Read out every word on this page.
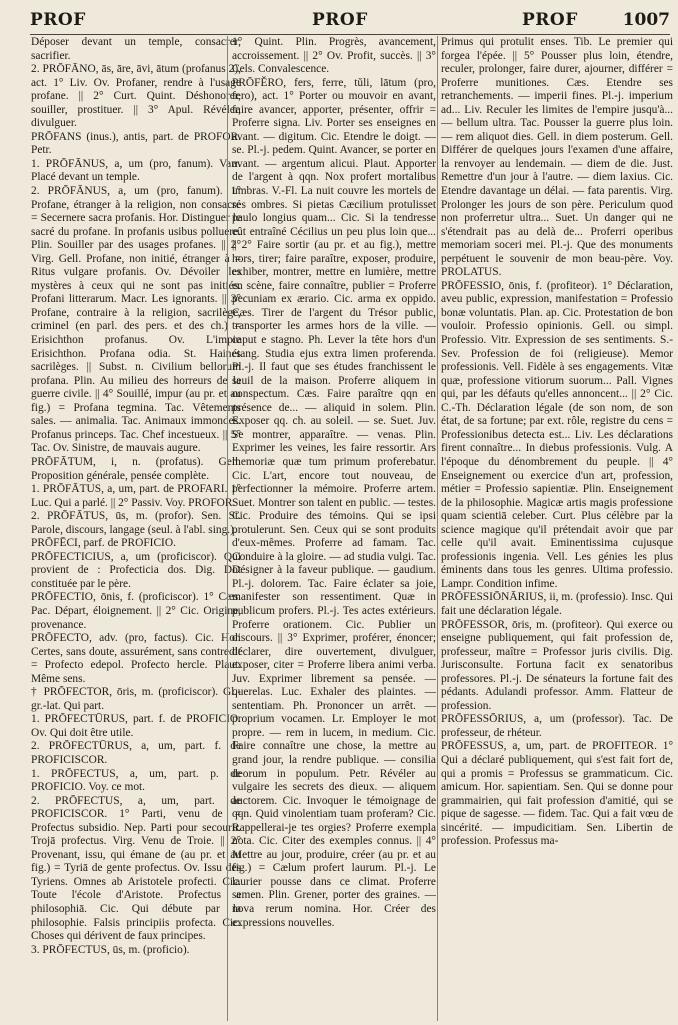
PROF	PROF	PROF	1007

Déposer devant un temple, consacrer, sacrifier.

2. PRŌFĀNO, ās, āre, āvi, ātum (profanus 2), act. 1° Liv. Ov. Profaner, rendre à l'usage profane. || 2° Curt. Quint. Déshonorer, souiller, prostituer. || 3° Apul. Révéler, divulguer.

PRŌFANS (inus.), antis, part. de PROFOR. Petr.

1. PRŌFĀNUS, a, um (pro, fanum). Varr. Placé devant un temple.

2. PRŌFĀNUS, a, um (pro, fanum). 1° Profane, étranger à la religion, non consacré = Secernere sacra profanis. Hor. Distinguer le sacré du profane. In profanis usibus polluere. Plin. Souiller par des usages profanes. || 2° Virg. Gell. Profane, non initié, étranger à = Ritus vulgare profanis. Ov. Dévoiler les mystères à ceux qui ne sont pas initiés. Profani litterarum. Macr. Les ignorants. || 3° Profane, contraire à la religion, sacrilège, criminel (en parl. des pers. et des ch.) = Erisichthon profanus. Ov. L'impie Erisichthon. Profana odia. St. Haines sacrilèges. || Subst. n. Civilium bellorum profana. Plin. Au milieu des horreurs de la guerre civile. || 4° Souillé, impur (au pr. et au fig.) = Profana tegmina. Tac. Vêtements sales. — animalia. Tac. Animaux immondes. Profanus princeps. Tac. Chef incestueux. || 5° Tac. Ov. Sinistre, de mauvais augure.

PRŌFĀTUM, i, n. (profatus). Gell. Proposition générale, pensée complète.

1. PRŌFĀTUS, a, um, part. de PROFARI. 1° Luc. Qui a parlé. || 2° Passiv. Voy. PROFOR.

2. PRŌFĀTUS, ūs, m. (profor). Sen. St. Parole, discours, langage (seul. à l'abl. sing.).

PRŌFĒCI, parf. de PROFICIO.

PRŌFECTICIUS, a, um (proficiscor). Qui provient de : Profecticia dos. Dig. Dot constituée par le père.

PRŌFECTIO, ōnis, f. (proficiscor). 1° Cæs. Pac. Départ, éloignement. || 2° Cic. Origine, provenance.

PRŌFECTO, adv. (pro, factus). Cic. Hor. Certes, sans doute, assurément, sans contredit = Profecto edepol. Profecto hercle. Plaut. Même sens.

† PRŌFECTOR, ōris, m. (proficiscor). Gl.-gr.-lat. Qui part.

1. PRŌFECTŪRUS, part. f. de PROFICIO. Ov. Qui doit être utile.

2. PRŌFECTŪRUS, a, um, part. f. de PROFICISCOR.

1. PRŌFECTUS, a, um, part. p. de PROFICIO. Voy. ce mot.

2. PRŌFECTUS, a, um, part. de PROFICISCOR. 1° Parti, venu de = Profectus subsidio. Nep. Parti pour secourir. Trojā profectus. Virg. Venu de Troie. || 2° Provenant, issu, qui émane de (au pr. et au fig.) = Tyriā de gente profectus. Ov. Issu des Tyriens. Omnes ab Aristotele profecti. Cic. Toute l'école d'Aristote. Profectus a philosophiā. Cic. Qui débute par la philosophie. Falsis principiis profecta. Cic. Choses qui dérivent de faux principes.

3. PRŌFECTUS, ūs, m. (proficio).

1° Quint. Plin. Progrès, avancement, accroissement. || 2° Ov. Profit, succès. || 3° Cels. Convalescence.

PRŌFĔRO, fers, ferre, tŭli, lātum (pro, fero), act. 1° Porter ou mouvoir en avant, faire avancer, apporter, présenter, offrir = Proferre signa. Liv. Porter ses enseignes en avant. — digitum. Cic. Etendre le doigt. — se. Pl.-j. pedem. Quint. Avancer, se porter en avant. — argentum alicui. Plaut. Apporter de l'argent à qqn. Nox profert mortalibus umbras. V.-Fl. La nuit couvre les mortels de ses ombres. Si pietas Cæcilium protulisset paulo longius quam... Cic. Si la tendresse eût entraîné Cécilius un peu plus loin que... || 2° Faire sortir (au pr. et au fig.), mettre hors, tirer; faire paraître, exposer, produire, exhiber, montrer, mettre en lumière, mettre en scène, faire connaître, publier = Proferre pecuniam ex ærario. Cic. arma ex oppido. Cæs. Tirer de l'argent du Trésor public, transporter les armes hors de la ville. — caput e stagno. Ph. Lever la tête hors d'un étang. Studia ejus extra limen proferenda. Pl.-j. Il faut que ses études franchissent le seuil de la maison. Proferre aliquem in conspectum. Cæs. Faire paraître qqn en présence de... — aliquid in solem. Plin. Exposer qq. ch. au soleil. — se. Suet. Juv. Se montrer, apparaître. — venas. Plin. Exprimer les veines, les faire ressortir. Ars memoriæ quæ tum primum proferebatur. Cic. L'art, encore tout nouveau, de perfectionner la mémoire. Proferre artem. Suet. Montrer son talent en public. — testes. Cic. Produire des témoins. Qui se ipsi protulerunt. Sen. Ceux qui se sont produits d'eux-mêmes. Proferre ad famam. Tac. Conduire à la gloire. — ad studia vulgi. Tac. Désigner à la faveur publique. — gaudium. Pl.-j. dolorem. Tac. Faire éclater sa joie, manifester son ressentiment. Quæ in publicum profers. Pl.-j. Tes actes extérieurs. Proferre orationem. Cic. Publier un discours. || 3° Exprimer, proférer, énoncer; déclarer, dire ouvertement, divulguer, exposer, citer = Proferre libera animi verba. Juv. Exprimer librement sa pensée. — querelas. Luc. Exhaler des plaintes. — sententiam. Ph. Prononcer un arrêt. — proprium vocamen. Lr. Employer le mot propre. — rem in lucem, in medium. Cic. Faire connaître une chose, la mettre au grand jour, la rendre publique. — consilia deorum in populum. Petr. Révéler au vulgaire les secrets des dieux. — aliquem auctorem. Cic. Invoquer le témoignage de qqn. Quid vinolentiam tuam proferam? Cic. Rappellerai-je tes orgies? Proferre exempla nota. Cic. Citer des exemples connus. || 4° Mettre au jour, produire, créer (au pr. et au fig.) = Cælum profert laurum. Pl.-j. Le laurier pousse dans ce climat. Proferre semen. Plin. Grener, porter des graines. — nova rerum nomina. Hor. Créer des expressions nouvelles.

Primus qui protulit enses. Tib. Le premier qui forgea l'épée. || 5° Pousser plus loin, étendre, reculer, prolonger, faire durer, ajourner, différer = Proferre munitiones. Cæs. Etendre ses retranchements. — imperii fines. Pl.-j. imperium ad... Liv. Reculer les limites de l'empire jusqu'à... — bellum ultra. Tac. Pousser la guerre plus loin. — rem aliquot dies. Gell. in diem posterum. Gell. Différer de quelques jours l'examen d'une affaire, la renvoyer au lendemain. — diem de die. Just. Remettre d'un jour à l'autre. — diem laxius. Cic. Etendre davantage un délai. — fata parentis. Virg. Prolonger les jours de son père. Periculum quod non proferretur ultra... Suet. Un danger qui ne s'étendrait pas au delà de... Proferri operibus memoriam soceri mei. Pl.-j. Que des monuments perpétuent le souvenir de mon beau-père. Voy. PROLATUS.

PRŌFESSIO, ōnis, f. (profiteor). 1° Déclaration, aveu public, expression, manifestation = Professio bonæ voluntatis. Plan. ap. Cic. Protestation de bon vouloir. Professio opinionis. Gell. ou simpl. Professio. Vitr. Expression de ses sentiments. S.-Sev. Profession de foi (religieuse). Memor professionis. Vell. Fidèle à ses engagements. Vitæ quæ, professione vitiorum suorum... Pall. Vignes qui, par les défauts qu'elles annoncent... || 2° Cic. C.-Th. Déclaration légale (de son nom, de son état, de sa fortune; par ext. rôle, registre du cens = Professionibus detecta est... Liv. Les déclarations firent connaître... In diebus professionis. Vulg. A l'époque du dénombrement du peuple. || 4° Enseignement ou exercice d'un art, profession, métier = Professio sapientiæ. Plin. Enseignement de la philosophie. Magicæ artis magis professione quam scientiā celeber. Curt. Plus célèbre par la science magique qu'il prétendait avoir que par celle qu'il avait. Eminentissima cujusque professionis ingenia. Vell. Les génies les plus éminents dans tous les genres. Ultima professio. Lampr. Condition infime.

PRŌFESSIŌNĀRIUS, ii, m. (professio). Insc. Qui fait une déclaration légale.

PRŌFESSOR, ōris, m. (profiteor). Qui exerce ou enseigne publiquement, qui fait profession de, professeur, maître = Professor juris civilis. Dig. Jurisconsulte. Fortuna facit ex senatoribus professores. Pl.-j. De sénateurs la fortune fait des pédants. Adulandi professor. Amm. Flatteur de profession.

PRŌFESSŌRIUS, a, um (professor). Tac. De professeur, de rhéteur.

PRŌFESSUS, a, um, part. de PROFITEOR. 1° Qui a déclaré publiquement, qui s'est fait fort de, qui a promis = Professus se grammaticum. Cic. amicum. Hor. sapientiam. Sen. Qui se donne pour grammairien, qui fait profession d'amitié, qui se pique de sagesse. — fidem. Tac. Qui a fait vœu de sincérité. — impudicitiam. Sen. Libertin de profession. Professus ma-
